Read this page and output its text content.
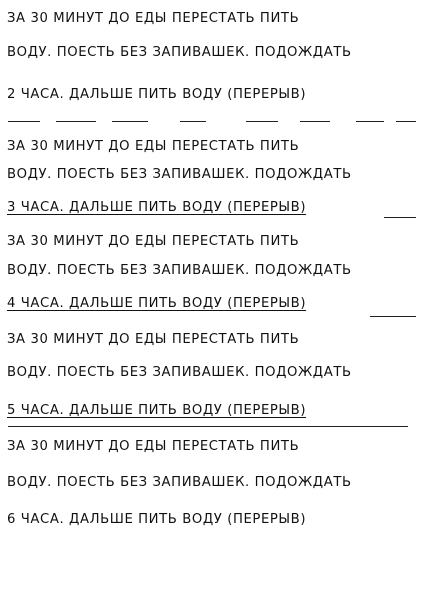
ЗА 30 МИНУТ ДО ЕДЫ ПЕРЕСТАТЬ ПИТЬ
ВОДУ. ПОЕСТЬ БЕЗ ЗАПИВАШЕК. ПОДОЖДАТЬ
2 ЧАСА. ДАЛЬШЕ ПИТЬ ВОДУ (ПЕРЕРЫВ)
ЗА 30 МИНУТ ДО ЕДЫ ПЕРЕСТАТЬ ПИТЬ
ВОДУ. ПОЕСТЬ БЕЗ ЗАПИВАШЕК. ПОДОЖДАТЬ
3 ЧАСА. ДАЛЬШЕ ПИТЬ ВОДУ (ПЕРЕРЫВ)
ЗА 30 МИНУТ ДО ЕДЫ ПЕРЕСТАТЬ ПИТЬ
ВОДУ. ПОЕСТЬ БЕЗ ЗАПИВАШЕК. ПОДОЖДАТЬ
4 ЧАСА. ДАЛЬШЕ ПИТЬ ВОДУ (ПЕРЕРЫВ)
ЗА 30 МИНУТ ДО ЕДЫ ПЕРЕСТАТЬ ПИТЬ
ВОДУ. ПОЕСТЬ БЕЗ ЗАПИВАШЕК. ПОДОЖДАТЬ
5 ЧАСА. ДАЛЬШЕ ПИТЬ ВОДУ (ПЕРЕРЫВ)
ЗА 30 МИНУТ ДО ЕДЫ ПЕРЕСТАТЬ ПИТЬ
ВОДУ. ПОЕСТЬ БЕЗ ЗАПИВАШЕК. ПОДОЖДАТЬ
6 ЧАСА. ДАЛЬШЕ ПИТЬ ВОДУ (ПЕРЕРЫВ)
